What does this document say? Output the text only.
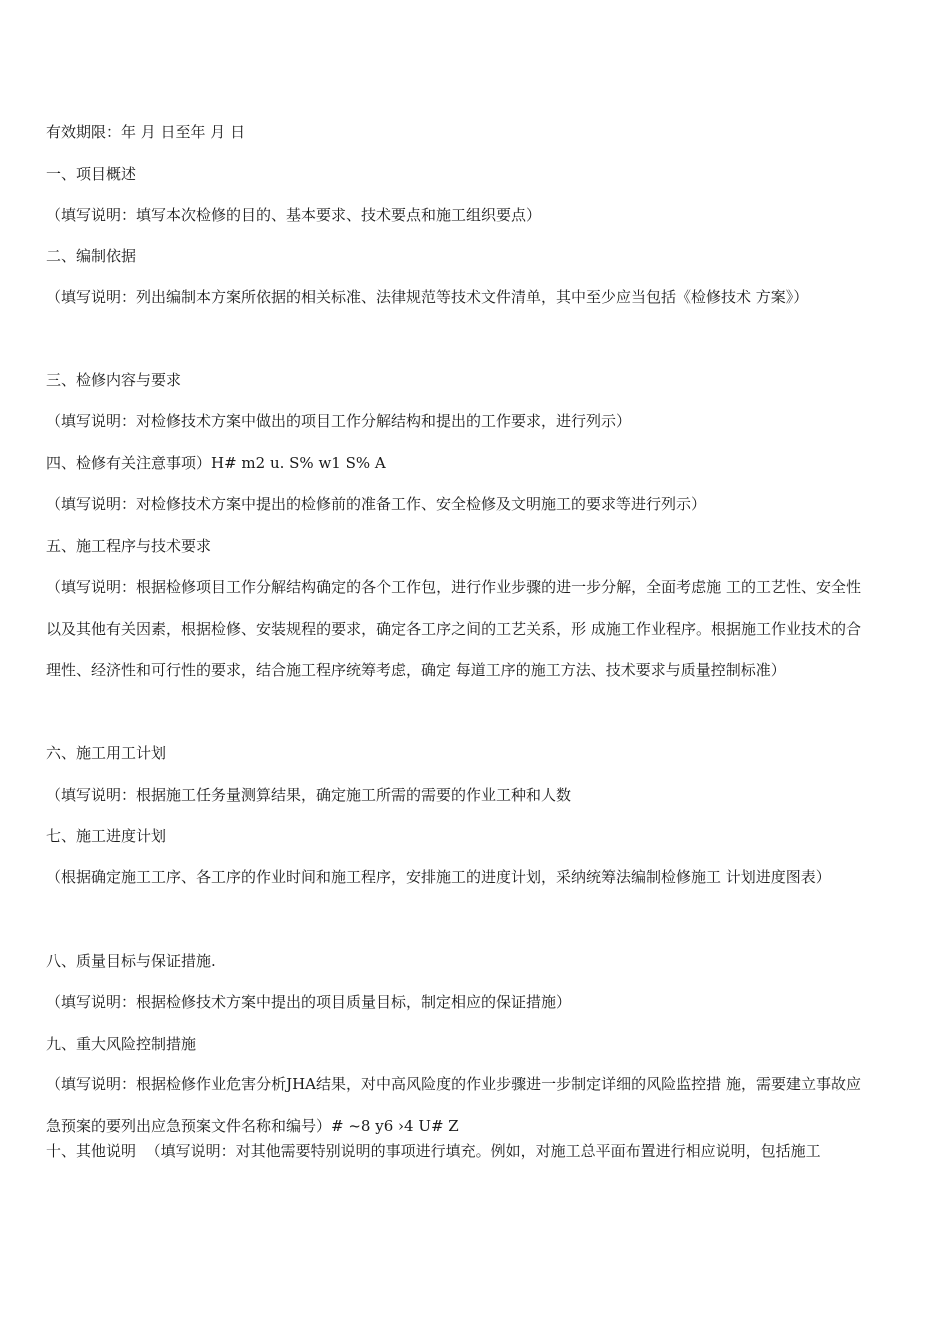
有效期限：年 月 日至年 月 日
一、项目概述
（填写说明：填写本次检修的目的、基本要求、技术要点和施工组织要点）
二、编制依据
（填写说明：列出编制本方案所依据的相关标准、法律规范等技术文件清单，其中至少应当包括《检修技术 方案》）
三、检修内容与要求
（填写说明：对检修技术方案中做出的项目工作分解结构和提出的工作要求，进行列示）
四、检修有关注意事项）H# m2 u. S% w1 S% A
（填写说明：对检修技术方案中提出的检修前的准备工作、安全检修及文明施工的要求等进行列示）
五、施工程序与技术要求
（填写说明：根据检修项目工作分解结构确定的各个工作包，进行作业步骤的进一步分解，全面考虑施 工的工艺性、安全性以及其他有关因素，根据检修、安装规程的要求，确定各工序之间的工艺关系，形 成施工作业程序。根据施工作业技术的合理性、经济性和可行性的要求，结合施工程序统筹考虑，确定 每道工序的施工方法、技术要求与质量控制标准）
六、施工用工计划
（填写说明：根据施工任务量测算结果，确定施工所需的需要的作业工种和人数
七、施工进度计划
（根据确定施工工序、各工序的作业时间和施工程序，安排施工的进度计划，采纳统筹法编制检修施工 计划进度图表）
八、质量目标与保证措施.
（填写说明：根据检修技术方案中提出的项目质量目标，制定相应的保证措施）
九、重大风险控制措施
（填写说明：根据检修作业危害分析JHA结果，对中高风险度的作业步骤进一步制定详细的风险监控措 施，需要建立事故应急预案的要列出应急预案文件名称和编号）# ~8 y6 ›4 U# Z
十、其他说明 （填写说明：对其他需要特别说明的事项进行填充。例如，对施工总平面布置进行相应说明，包括施工
